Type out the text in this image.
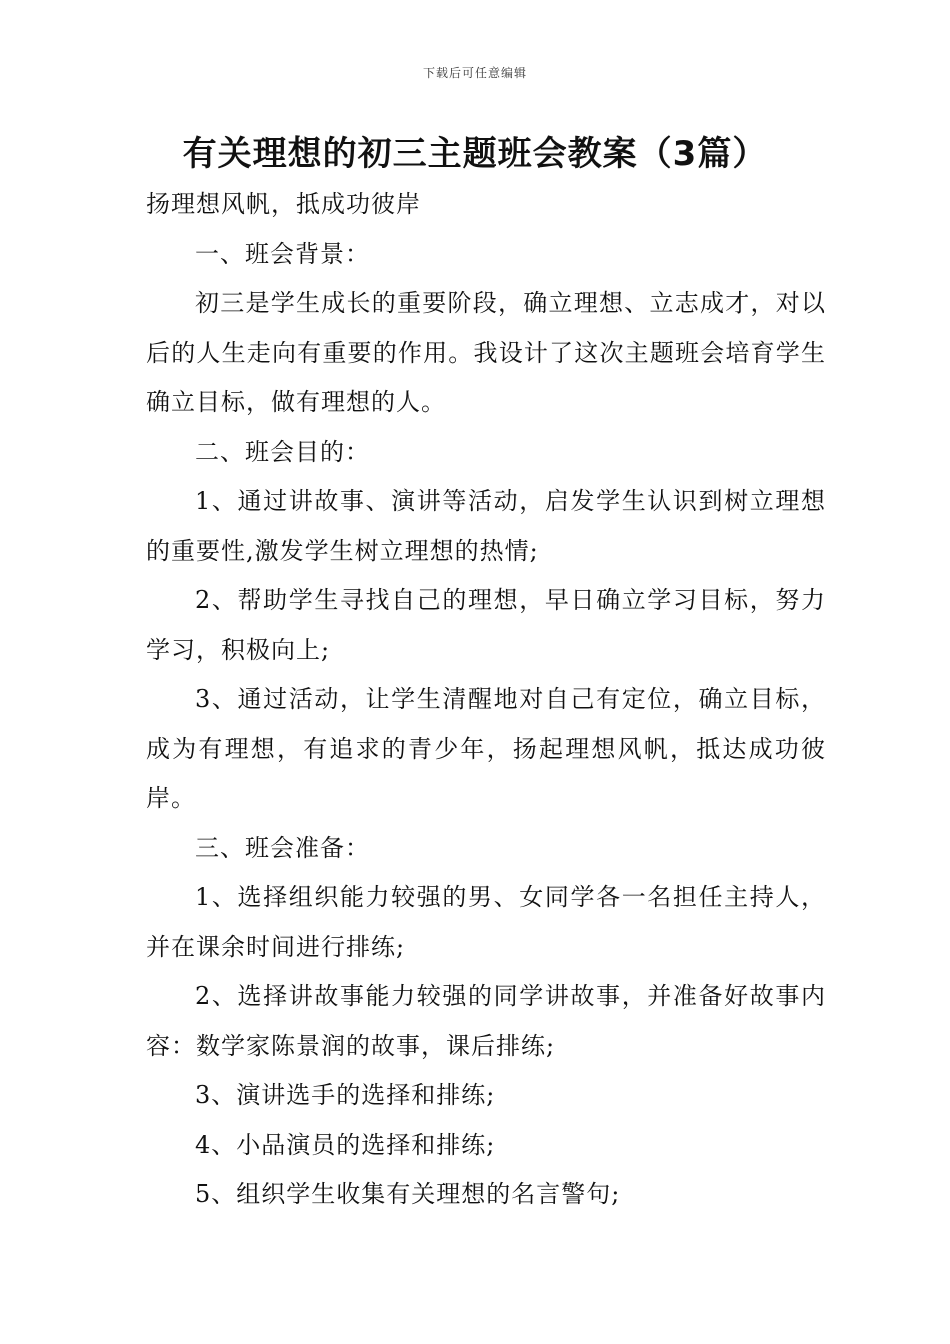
下载后可任意编辑
有关理想的初三主题班会教案（3篇）

扬理想风帆，抵成功彼岸

一、班会背景：

初三是学生成长的重要阶段，确立理想、立志成才，对以后的人生走向有重要的作用。我设计了这次主题班会培育学生确立目标，做有理想的人。

二、班会目的：

1、通过讲故事、演讲等活动，启发学生认识到树立理想的重要性,激发学生树立理想的热情;

2、帮助学生寻找自己的理想，早日确立学习目标，努力学习，积极向上;

3、通过活动，让学生清醒地对自己有定位，确立目标，成为有理想，有追求的青少年，扬起理想风帆，抵达成功彼岸。

三、班会准备：

1、选择组织能力较强的男、女同学各一名担任主持人，并在课余时间进行排练;

2、选择讲故事能力较强的同学讲故事，并准备好故事内容：数学家陈景润的故事，课后排练;

3、演讲选手的选择和排练;

4、小品演员的选择和排练;

5、组织学生收集有关理想的名言警句;
